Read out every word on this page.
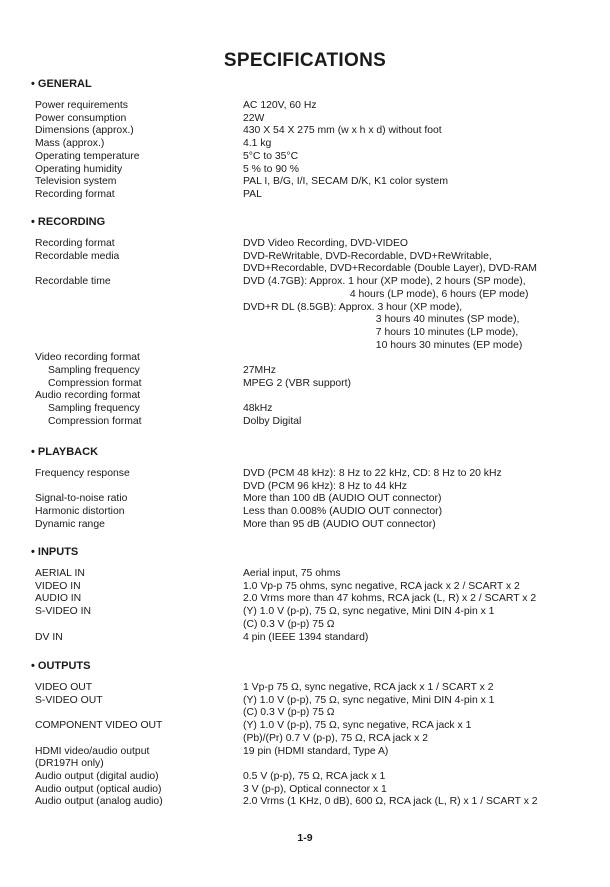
SPECIFICATIONS
• GENERAL
Power requirements	AC 120V, 60 Hz
Power consumption	22W
Dimensions (approx.)	430 X 54 X 275 mm (w x h x d) without foot
Mass (approx.)	4.1 kg
Operating temperature	5°C to 35°C
Operating humidity	5 % to 90 %
Television system	PAL I, B/G, I/I, SECAM D/K, K1 color system
Recording format	PAL
• RECORDING
Recording format	DVD Video Recording, DVD-VIDEO
Recordable media	DVD-ReWritable, DVD-Recordable, DVD+ReWritable,
DVD+Recordable, DVD+Recordable (Double Layer), DVD-RAM
Recordable time	DVD (4.7GB): Approx. 1 hour (XP mode), 2 hours (SP mode),
4 hours (LP mode), 6 hours (EP mode)
DVD+R DL (8.5GB): Approx. 3 hour (XP mode),
3 hours 40 minutes (SP mode),
7 hours 10 minutes (LP mode),
10 hours 30 minutes (EP mode)
Video recording format
Sampling frequency	27MHz
Compression format	MPEG 2 (VBR support)
Audio recording format
Sampling frequency	48kHz
Compression format	Dolby Digital
• PLAYBACK
Frequency response	DVD (PCM 48 kHz): 8 Hz to 22 kHz, CD: 8 Hz to 20 kHz
DVD (PCM 96 kHz): 8 Hz to 44 kHz
Signal-to-noise ratio	More than 100 dB (AUDIO OUT connector)
Harmonic distortion	Less than 0.008% (AUDIO OUT connector)
Dynamic range	More than 95 dB (AUDIO OUT connector)
• INPUTS
AERIAL IN	Aerial input, 75 ohms
VIDEO IN	1.0 Vp-p 75 ohms, sync negative, RCA jack x 2 / SCART x 2
AUDIO IN	2.0 Vrms more than 47 kohms, RCA jack (L, R) x 2 / SCART x 2
S-VIDEO IN	(Y) 1.0 V (p-p), 75 Ω, sync negative, Mini DIN 4-pin x 1
(C) 0.3 V (p-p) 75 Ω
DV IN	4 pin (IEEE 1394 standard)
• OUTPUTS
VIDEO OUT	1 Vp-p 75 Ω, sync negative, RCA jack x 1 / SCART x 2
S-VIDEO OUT	(Y) 1.0 V (p-p), 75 Ω, sync negative, Mini DIN 4-pin x 1
(C) 0.3 V (p-p) 75 Ω
COMPONENT VIDEO OUT	(Y) 1.0 V (p-p), 75 Ω, sync negative, RCA jack x 1
(Pb)/(Pr) 0.7 V (p-p), 75 Ω, RCA jack x 2
HDMI video/audio output	19 pin (HDMI standard, Type A)
(DR197H only)
Audio output (digital audio)	0.5 V (p-p), 75 Ω, RCA jack x 1
Audio output (optical audio)	3 V (p-p), Optical connector x 1
Audio output (analog audio)	2.0 Vrms (1 KHz, 0 dB), 600 Ω, RCA jack (L, R) x 1 / SCART x 2
1-9
